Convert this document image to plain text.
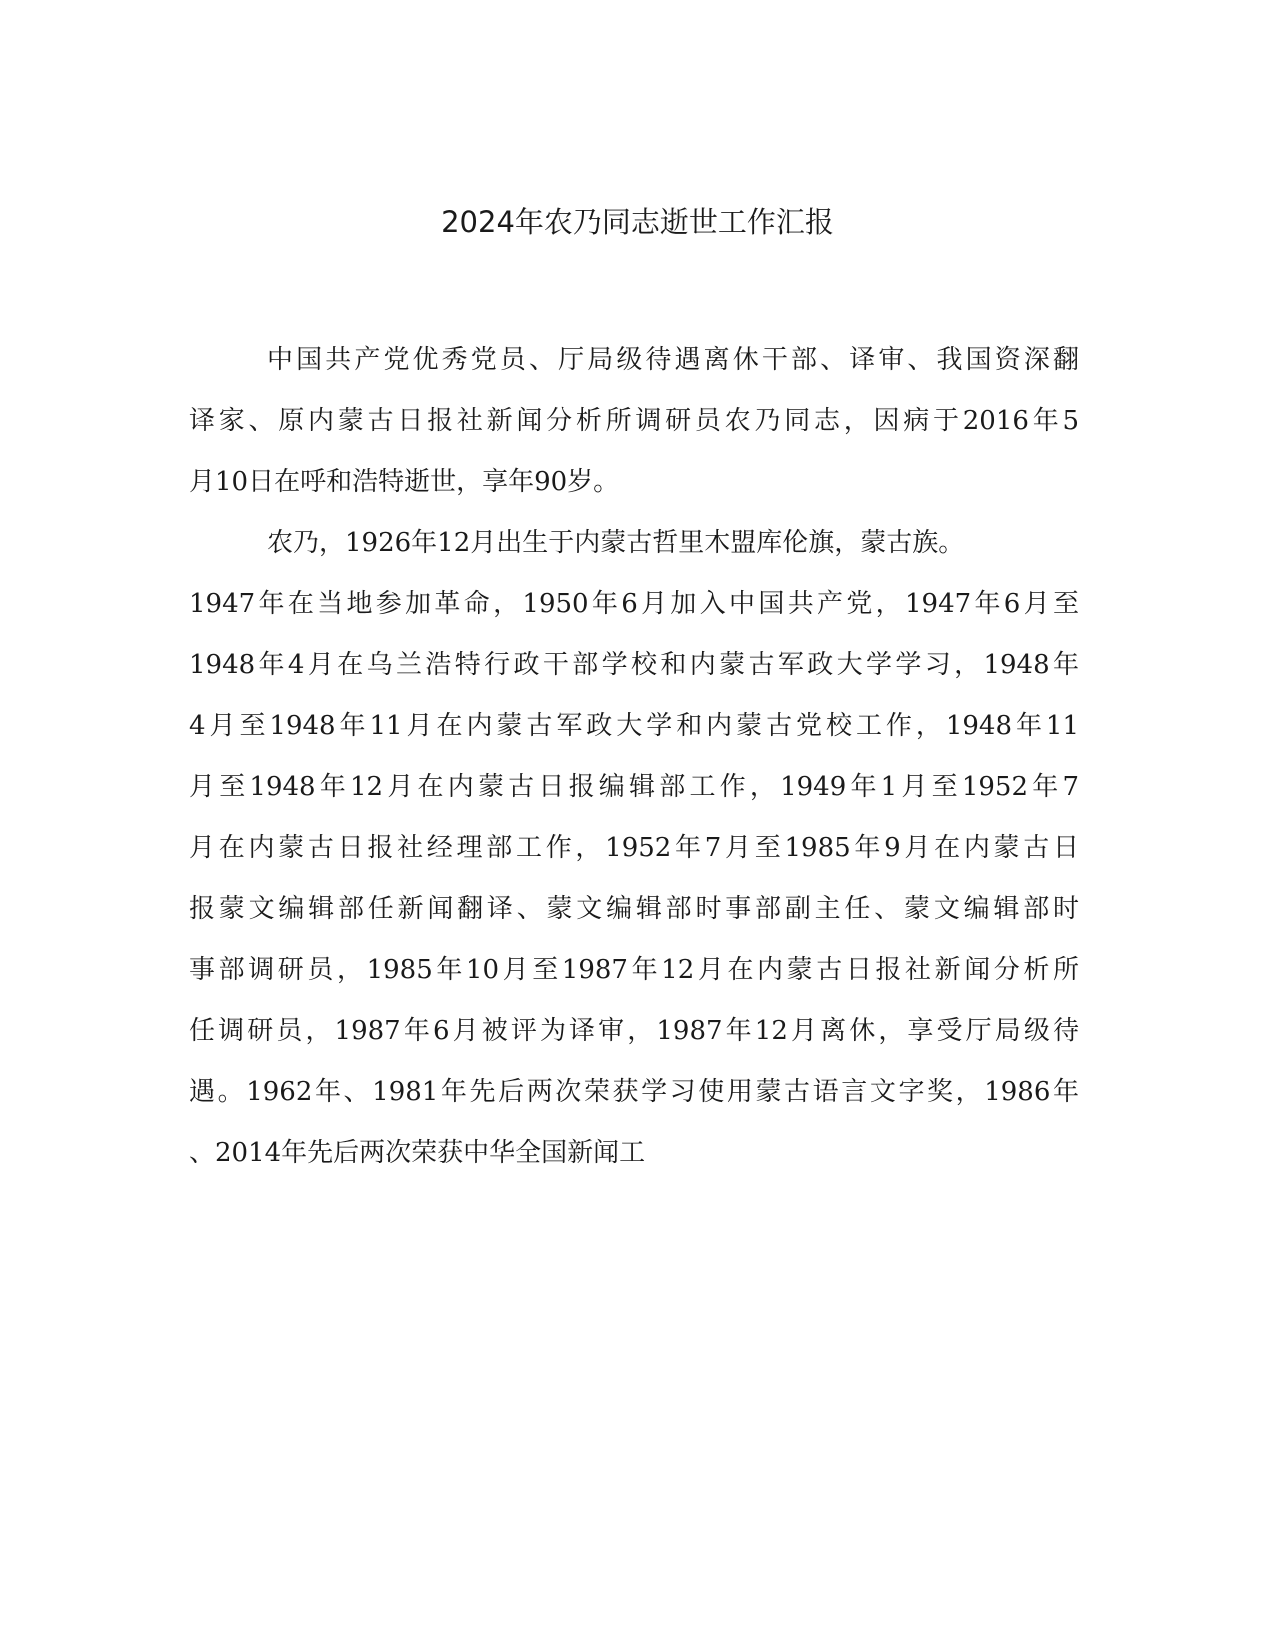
2024年农乃同志逝世工作汇报
中国共产党优秀党员、厅局级待遇离休干部、译审、我国资深翻
译家、原内蒙古日报社新闻分析所调研员农乃同志，因病于2016年5
月10日在呼和浩特逝世，享年90岁。
农乃，1926年12月出生于内蒙古哲里木盟库伦旗，蒙古族。
1947年在当地参加革命，1950年6月加入中国共产党，1947年6月至
1948年4月在乌兰浩特行政干部学校和内蒙古军政大学学习，1948年
4月至1948年11月在内蒙古军政大学和内蒙古党校工作，1948年11
月至1948年12月在内蒙古日报编辑部工作，1949年1月至1952年7
月在内蒙古日报社经理部工作，1952年7月至1985年9月在内蒙古日
报蒙文编辑部任新闻翻译、蒙文编辑部时事部副主任、蒙文编辑部时
事部调研员，1985年10月至1987年12月在内蒙古日报社新闻分析所
任调研员，1987年6月被评为译审，1987年12月离休，享受厅局级待
遇。1962年、1981年先后两次荣获学习使用蒙古语言文字奖，1986年
、2014年先后两次荣获中华全国新闻工
